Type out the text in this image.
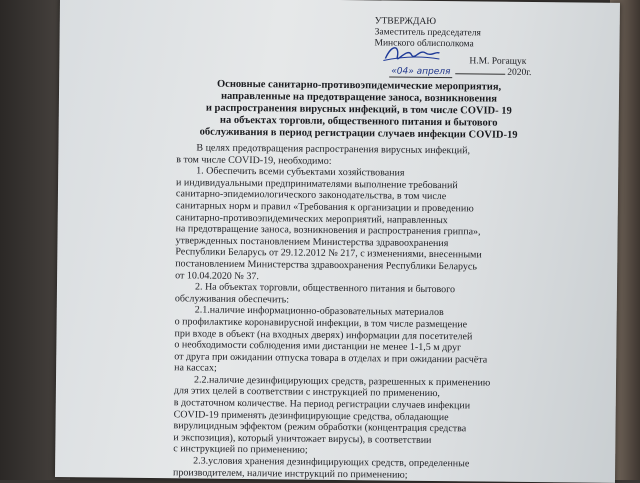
УТВЕРЖДАЮ
Заместитель председателя
Минского облисполкома
Н.М. Рогащук
«04» апреля	2020г.
Основные санитарно-противоэпидемические мероприятия,
направленные на предотвращение заноса, возникновения
и распространения вирусных инфекций, в том числе COVID- 19
на объектах торговли, общественного питания и бытового
обслуживания в период регистрации случаев инфекции COVID-19
В целях предотвращения распространения вирусных инфекций,
в том числе COVID-19, необходимо:
1. Обеспечить всеми субъектами хозяйствования
и индивидуальными предпринимателями выполнение требований
санитарно-эпидемиологического законодательства, в том числе
санитарных норм и правил «Требования к организации и проведению
санитарно-противоэпидемических мероприятий, направленных
на предотвращение заноса, возникновения и распространения гриппа»,
утвержденных постановлением Министерства здравоохранения
Республики Беларусь от 29.12.2012 № 217, с изменениями, внесенными
постановлением Министерства здравоохранения Республики Беларусь
от 10.04.2020 № 37.
2. На объектах торговли, общественного питания и бытового
обслуживания обеспечить:
2.1.наличие информационно-образовательных материалов
о профилактике коронавирусной инфекции, в том числе размещение
при входе в объект (на входных дверях) информации для посетителей
о необходимости соблюдения ими дистанции не менее 1-1,5 м друг
от друга при ожидании отпуска товара в отделах и при ожидании расчёта
на кассах;
2.2.наличие дезинфицирующих средств, разрешенных к применению
для этих целей в соответствии с инструкцией по применению,
в достаточном количестве. На период регистрации случаев инфекции
COVID-19 применять дезинфицирующие средства, обладающие
вирулицидным эффектом (режим обработки (концентрация средства
и экспозиция), который уничтожает вирусы), в соответствии
с инструкцией по применению;
2.3.условия хранения дезинфицирующих средств, определенные
производителем, наличие инструкций по применению;
